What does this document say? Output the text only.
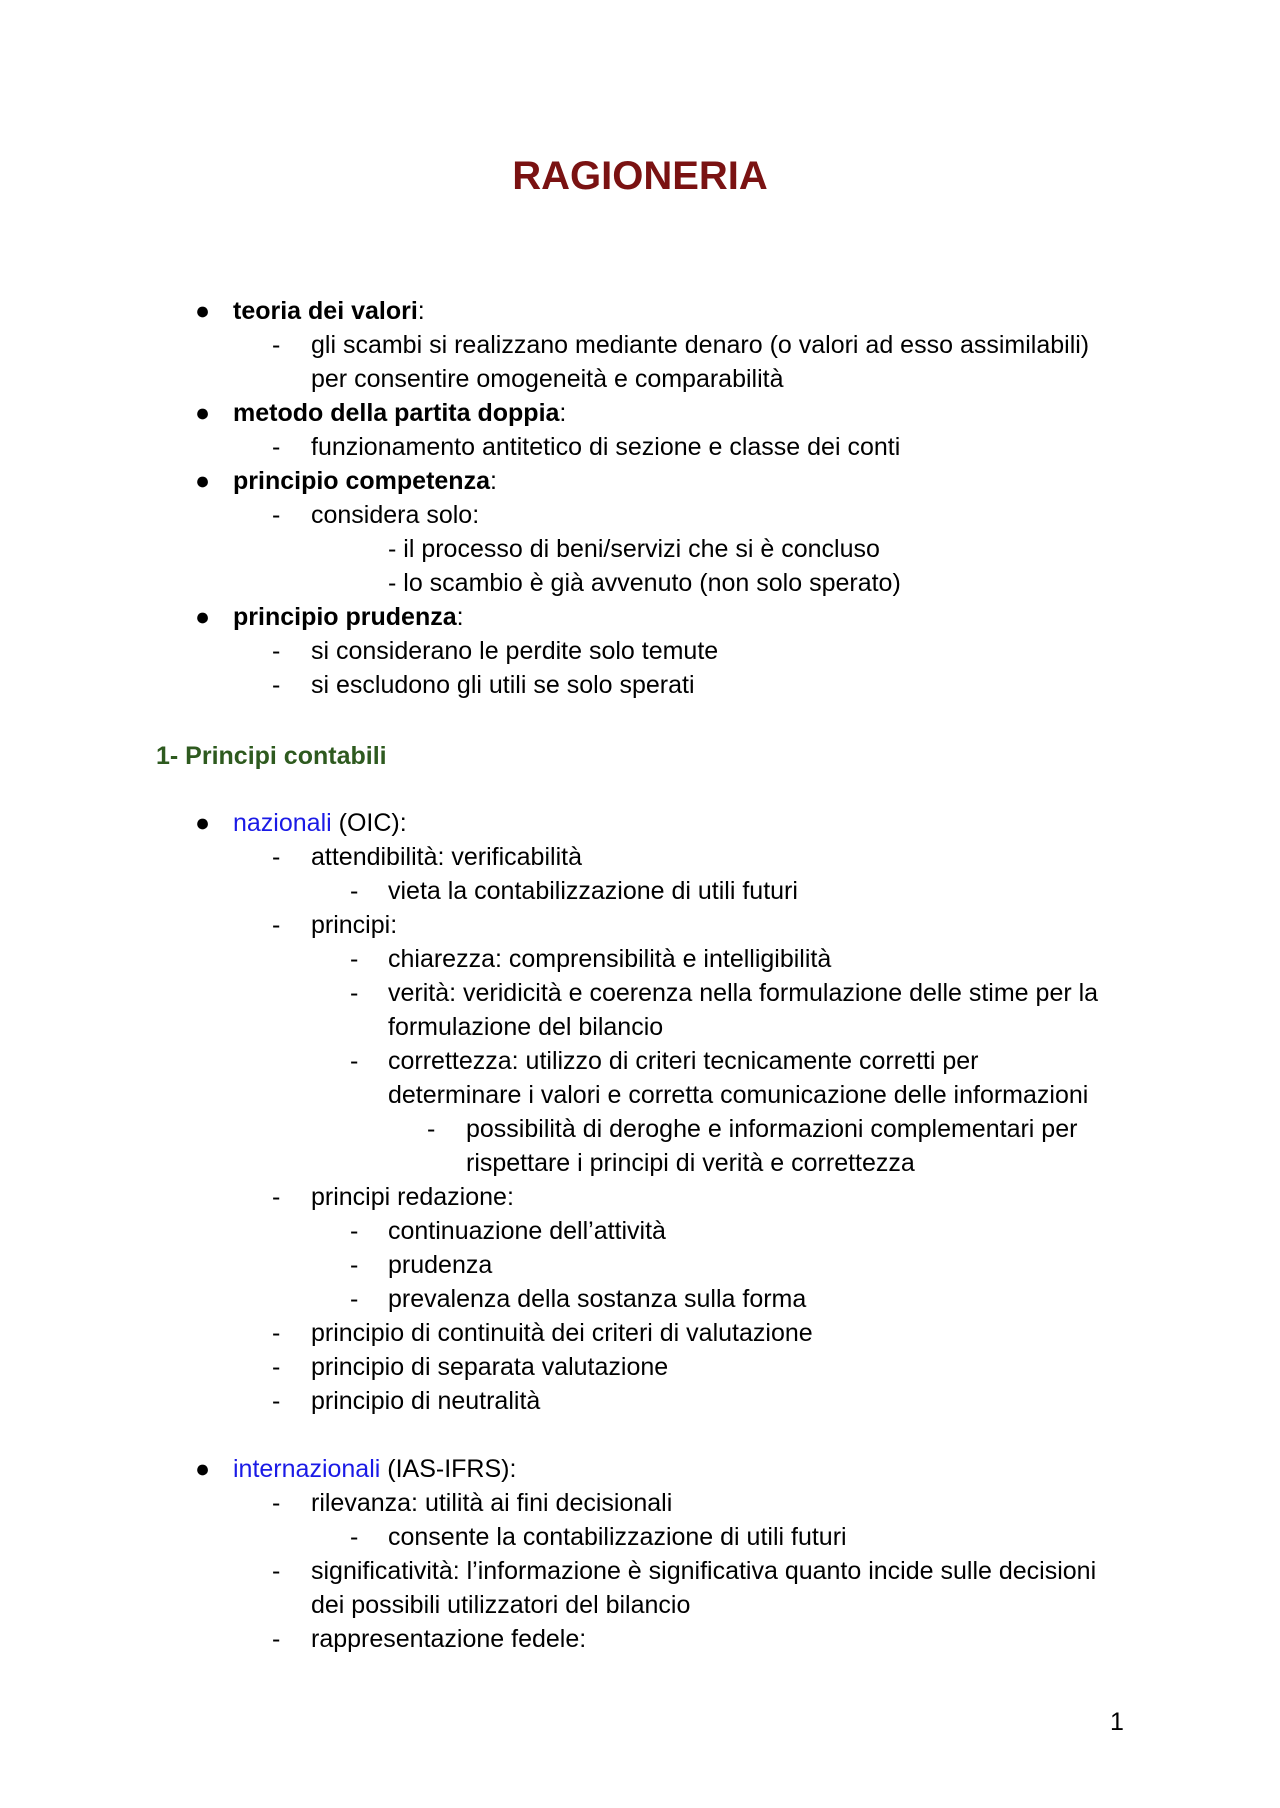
RAGIONERIA
● teoria dei valori:
- gli scambi si realizzano mediante denaro (o valori ad esso assimilabili)
per consentire omogeneità e comparabilità
● metodo della partita doppia:
- funzionamento antitetico di sezione e classe dei conti
● principio competenza:
- considera solo:
- il processo di beni/servizi che si è concluso
- lo scambio è già avvenuto (non solo sperato)
● principio prudenza:
- si considerano le perdite solo temute
- si escludono gli utili se solo sperati
1- Principi contabili
● nazionali (OIC):
- attendibilità: verificabilità
- vieta la contabilizzazione di utili futuri
- principi:
- chiarezza: comprensibilità e intelligibilità
- verità: veridicità e coerenza nella formulazione delle stime per la
formulazione del bilancio
- correttezza: utilizzo di criteri tecnicamente corretti per
determinare i valori e corretta comunicazione delle informazioni
- possibilità di deroghe e informazioni complementari per
rispettare i principi di verità e correttezza
- principi redazione:
- continuazione dell’attività
- prudenza
- prevalenza della sostanza sulla forma
- principio di continuità dei criteri di valutazione
- principio di separata valutazione
- principio di neutralità
● internazionali (IAS-IFRS):
- rilevanza: utilità ai fini decisionali
- consente la contabilizzazione di utili futuri
- significatività: l’informazione è significativa quanto incide sulle decisioni
dei possibili utilizzatori del bilancio
- rappresentazione fedele:
1
